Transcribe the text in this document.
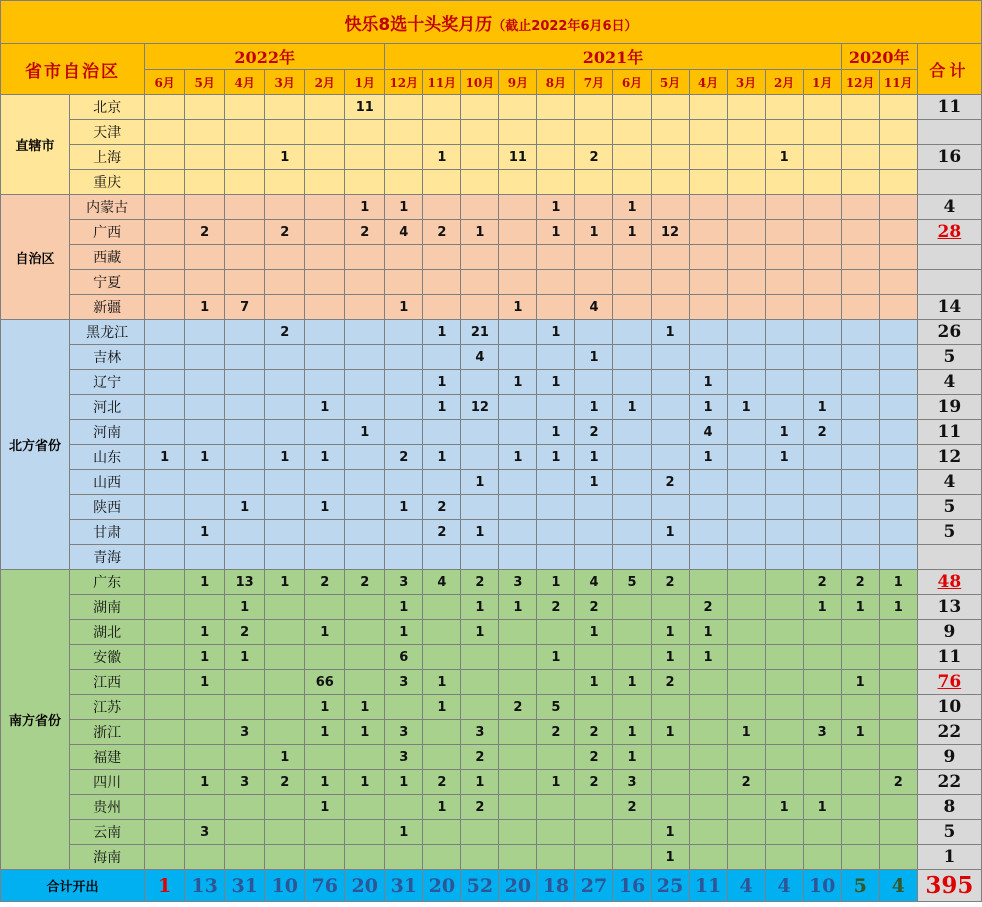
快乐8选十头奖月历（截止2022年6月6日）																						
省市自治区		2022年						2021年												2020年		合计
		6月	5月	4月	3月	2月	1月	12月	11月	10月	9月	8月	7月	6月	5月	4月	3月	2月	1月	12月	11月	
直辖市	北京						11															11
	天津																					
	上海				1				1		11		2					1				16
	重庆																					
自治区	内蒙古						1	1				1		1								4
	广西		2		2		2	4	2	1		1	1	1	12							28
	西藏																					
	宁夏																					
	新疆		1	7				1			1		4									14
北方省份	黑龙江				2				1	21		1			1							26
	吉林									4			1									5
	辽宁								1		1	1				1						4
	河北					1			1	12			1	1		1	1		1			19
	河南						1					1	2			4		1	2			11
	山东	1	1		1	1		2	1		1	1	1			1		1				12
	山西									1			1		2							4
	陕西			1		1		1	2													5
	甘肃		1						2	1					1							5
	青海																					
南方省份	广东		1	13	1	2	2	3	4	2	3	1	4	5	2				2	2	1	48
	湖南			1				1		1	1	2	2			2			1	1	1	13
	湖北		1	2		1		1		1			1		1	1						9
	安徽		1	1				6				1			1	1						11
	江西		1			66		3	1				1	1	2					1		76
	江苏					1	1		1		2	5										10
	浙江			3		1	1	3		3		2	2	1	1		1		3	1		22
	福建				1			3		2			2	1								9
	四川		1	3	2	1	1	1	2	1		1	2	3			2				2	22
	贵州					1			1	2				2				1	1			8
	云南		3					1							1							5
	海南														1							1
合计开出		1	13	31	10	76	20	31	20	52	20	18	27	16	25	11	4	4	10	5	4	395
